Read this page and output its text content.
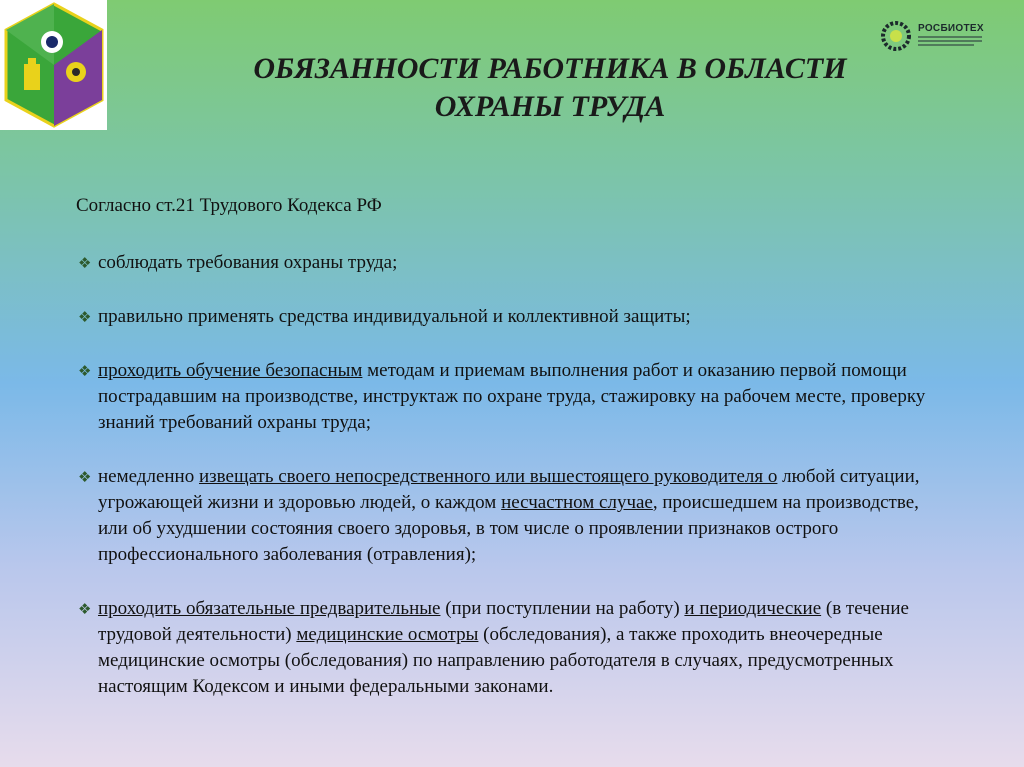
РОСБИОТЕХ
ОБЯЗАННОСТИ РАБОТНИКА В ОБЛАСТИ
ОХРАНЫ ТРУДА

Согласно ст.21 Трудового Кодекса РФ

❖ соблюдать требования охраны труда;
❖ правильно применять средства индивидуальной и коллективной защиты;
❖ проходить обучение безопасным методам и приемам выполнения работ и оказанию первой помощи пострадавшим на производстве, инструктаж по охране труда, стажировку на рабочем месте, проверку знаний требований охраны труда;
❖ немедленно извещать своего непосредственного или вышестоящего руководителя о любой ситуации, угрожающей жизни и здоровью людей, о каждом несчастном случае, происшедшем на производстве, или об ухудшении состояния своего здоровья, в том числе о проявлении признаков острого профессионального заболевания (отравления);
❖ проходить обязательные предварительные (при поступлении на работу) и периодические (в течение трудовой деятельности) медицинские осмотры (обследования), а также проходить внеочередные медицинские осмотры (обследования) по направлению работодателя в случаях, предусмотренных настоящим Кодексом и иными федеральными законами.
